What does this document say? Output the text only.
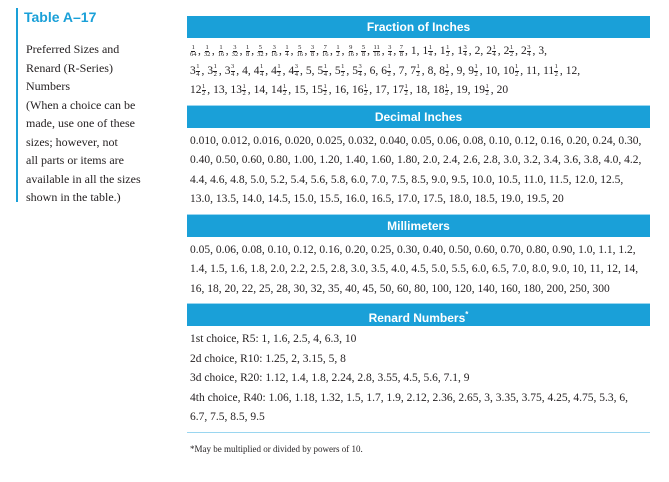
Table A–17
Preferred Sizes and
Renard (R-Series)
Numbers
(When a choice can be
made, use one of these
sizes; however, not
all parts or items are
available in all the sizes
shown in the table.)
Fraction of Inches
$\frac{1}{64}$ , $\frac{1}{32}$ , $\frac{1}{16}$ , $\frac{3}{32}$ , $\frac{1}{8}$ , $\frac{5}{32}$ , $\frac{3}{16}$ , $\frac{1}{4}$ , $\frac{5}{16}$ , $\frac{3}{8}$ , $\frac{7}{16}$ , $\frac{1}{2}$ , $\frac{9}{16}$ , $\frac{5}{8}$ , $\frac{11}{16}$ , $\frac{3}{4}$ , $\frac{7}{8}$ , 1 , $1 \frac{1}{4}$ , $1 \frac{1}{2}$ , $1 \frac{3}{4}$ , 2 , $2 \frac{1}{4}$ , $2 \frac{1}{2}$ , $2 \frac{3}{4}$ , 3 ,
$3 \frac{1}{4}$ , $3 \frac{1}{2}$ , $3 \frac{3}{4}$ , 4 , $4 \frac{1}{4}$ , $4 \frac{1}{2}$ , $4 \frac{3}{4}$ , 5 , $5 \frac{1}{4}$ , $5 \frac{1}{2}$ , $5 \frac{3}{4}$ , 6 , $6 \frac{1}{2}$ , 7 , $7 \frac{1}{2}$ , 8 , $8 \frac{1}{2}$ , 9 , $9 \frac{1}{2}$ , 10 , $10 \frac{1}{2}$ , 11 , $11 \frac{1}{2}$ , 12 ,
$12 \frac{1}{2}$ , 13 , $13 \frac{1}{2}$ , 14 , $14 \frac{1}{2}$ , 15 , $15 \frac{1}{2}$ , 16 , $16 \frac{1}{2}$ , 17 , $17 \frac{1}{2}$ , 18 , $18 \frac{1}{2}$ , 19 , $19 \frac{1}{2}$ , 20
Decimal Inches
0.010, 0.012, 0.016, 0.020, 0.025, 0.032, 0.040, 0.05, 0.06, 0.08, 0.10, 0.12, 0.16, 0.20, 0.24, 0.30,
0.40, 0.50, 0.60, 0.80, 1.00, 1.20, 1.40, 1.60, 1.80, 2.0, 2.4, 2.6, 2.8, 3.0, 3.2, 3.4, 3.6, 3.8, 4.0, 4.2,
4.4, 4.6, 4.8, 5.0, 5.2, 5.4, 5.6, 5.8, 6.0, 7.0, 7.5, 8.5, 9.0, 9.5, 10.0, 10.5, 11.0, 11.5, 12.0, 12.5,
13.0, 13.5, 14.0, 14.5, 15.0, 15.5, 16.0, 16.5, 17.0, 17.5, 18.0, 18.5, 19.0, 19.5, 20
Millimeters
0.05, 0.06, 0.08, 0.10, 0.12, 0.16, 0.20, 0.25, 0.30, 0.40, 0.50, 0.60, 0.70, 0.80, 0.90, 1.0, 1.1, 1.2,
1.4, 1.5, 1.6, 1.8, 2.0, 2.2, 2.5, 2.8, 3.0, 3.5, 4.0, 4.5, 5.0, 5.5, 6.0, 6.5, 7.0, 8.0, 9.0, 10, 11, 12, 14,
16, 18, 20, 22, 25, 28, 30, 32, 35, 40, 45, 50, 60, 80, 100, 120, 140, 160, 180, 200, 250, 300
Renard Numbers*
1st choice, R5: 1, 1.6, 2.5, 4, 6.3, 10
2d choice, R10: 1.25, 2, 3.15, 5, 8
3d choice, R20: 1.12, 1.4, 1.8, 2.24, 2.8, 3.55, 4.5, 5.6, 7.1, 9
4th choice, R40: 1.06, 1.18, 1.32, 1.5, 1.7, 1.9, 2.12, 2.36, 2.65, 3, 3.35, 3.75, 4.25, 4.75, 5.3, 6,
6.7, 7.5, 8.5, 9.5
*May be multiplied or divided by powers of 10.
